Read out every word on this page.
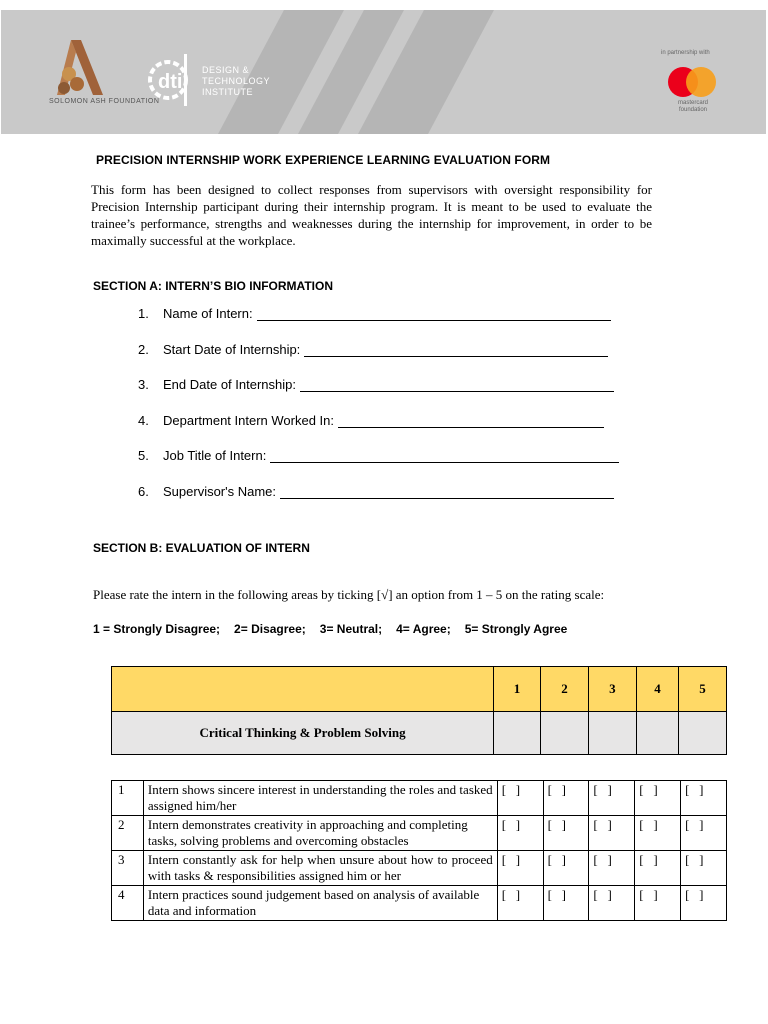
SOLOMON ASH FOUNDATION
dti
DESIGN &
TECHNOLOGY
INSTITUTE
in partnership with
mastercard foundation
PRECISION INTERNSHIP WORK EXPERIENCE LEARNING EVALUATION FORM
This form has been designed to collect responses from supervisors with oversight responsibility for Precision Internship participant during their internship program. It is meant to be used to evaluate the trainee’s performance, strengths and weaknesses during the internship for improvement, in order to be maximally successful at the workplace.
SECTION A: INTERN’S BIO INFORMATION
1.	Name of Intern:
2.	Start Date of Internship:
3.	End Date of Internship:
4.	Department Intern Worked In:
5.	Job Title of Intern:
6.	Supervisor's Name:
SECTION B: EVALUATION OF INTERN
Please rate the intern in the following areas by ticking [√] an option from 1 – 5 on the rating scale:
1 = Strongly Disagree; 2= Disagree; 3= Neutral; 4= Agree; 5= Strongly Agree
	1	2	3	4	5
Critical Thinking & Problem Solving					
1	Intern shows sincere interest in understanding the roles and tasked assigned him/her	[   ]	[   ]	[   ]	[   ]	[   ]
2	Intern demonstrates creativity in approaching and completing tasks, solving problems and overcoming obstacles	[   ]	[   ]	[   ]	[   ]	[   ]
3	Intern constantly ask for help when unsure about how to proceed with tasks & responsibilities assigned him or her	[   ]	[   ]	[   ]	[   ]	[   ]
4	Intern practices sound judgement based on analysis of available data and information	[   ]	[   ]	[   ]	[   ]	[   ]
